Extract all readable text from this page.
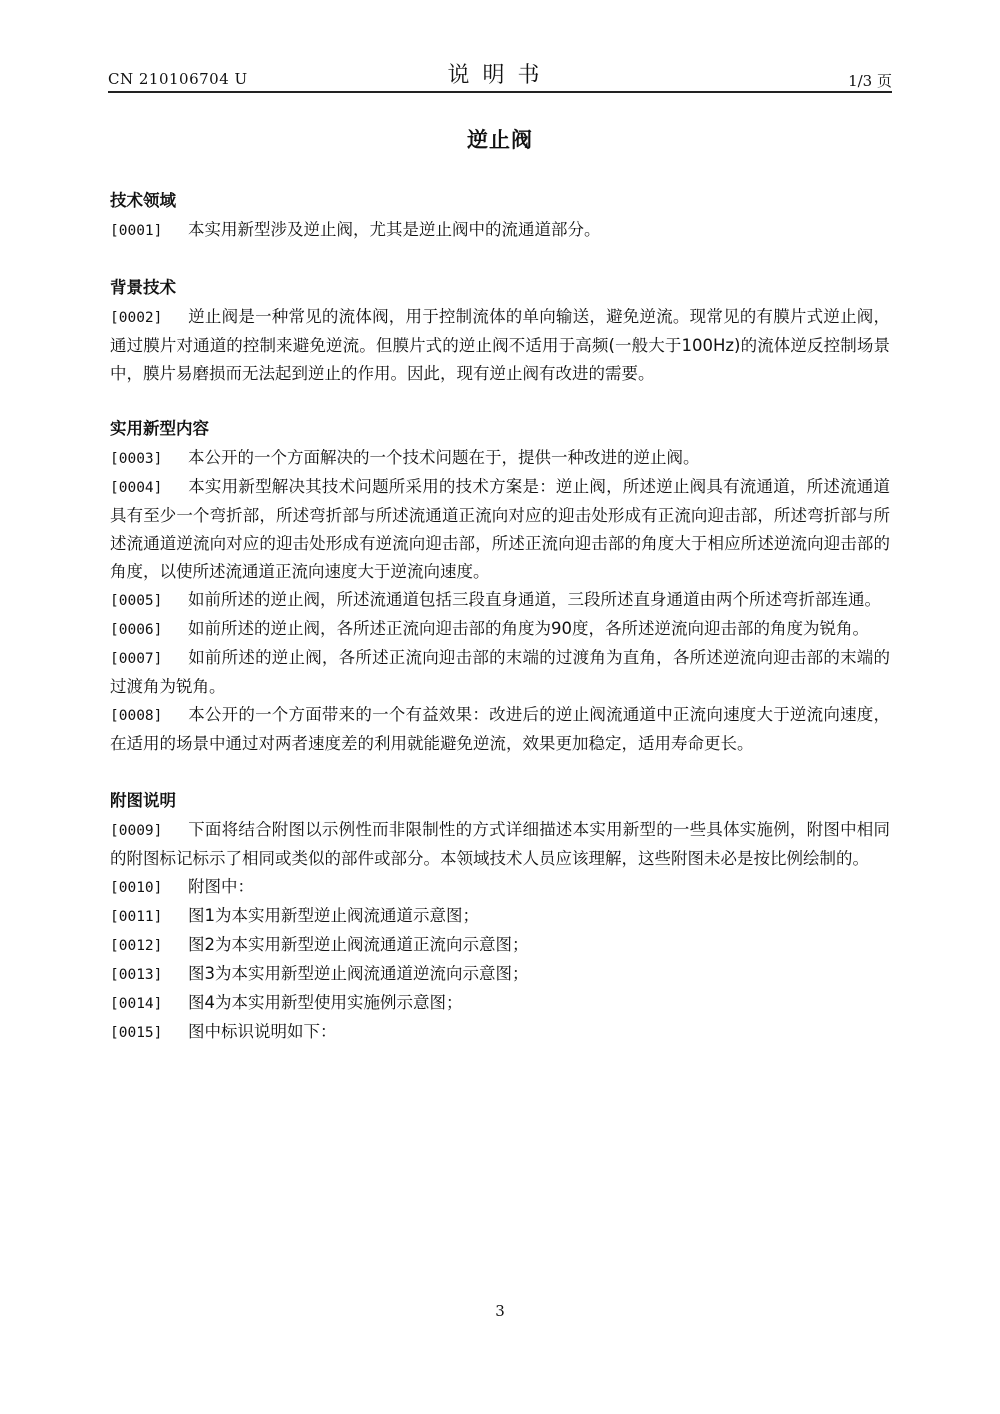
CN 210106704 U	说明书	1/3 页
逆止阀
技术领域
[0001] 本实用新型涉及逆止阀，尤其是逆止阀中的流通道部分。
背景技术
[0002] 逆止阀是一种常见的流体阀，用于控制流体的单向输送，避免逆流。现常见的有膜片式逆止阀，通过膜片对通道的控制来避免逆流。但膜片式的逆止阀不适用于高频(一般大于100Hz)的流体逆反控制场景中，膜片易磨损而无法起到逆止的作用。因此，现有逆止阀有改进的需要。
实用新型内容
[0003] 本公开的一个方面解决的一个技术问题在于，提供一种改进的逆止阀。
[0004] 本实用新型解决其技术问题所采用的技术方案是：逆止阀，所述逆止阀具有流通道，所述流通道具有至少一个弯折部，所述弯折部与所述流通道正流向对应的迎击处形成有正流向迎击部，所述弯折部与所述流通道逆流向对应的迎击处形成有逆流向迎击部，所述正流向迎击部的角度大于相应所述逆流向迎击部的角度，以使所述流通道正流向速度大于逆流向速度。
[0005] 如前所述的逆止阀，所述流通道包括三段直身通道，三段所述直身通道由两个所述弯折部连通。
[0006] 如前所述的逆止阀，各所述正流向迎击部的角度为90度，各所述逆流向迎击部的角度为锐角。
[0007] 如前所述的逆止阀，各所述正流向迎击部的末端的过渡角为直角，各所述逆流向迎击部的末端的过渡角为锐角。
[0008] 本公开的一个方面带来的一个有益效果：改进后的逆止阀流通道中正流向速度大于逆流向速度，在适用的场景中通过对两者速度差的利用就能避免逆流，效果更加稳定，适用寿命更长。
附图说明
[0009] 下面将结合附图以示例性而非限制性的方式详细描述本实用新型的一些具体实施例，附图中相同的附图标记标示了相同或类似的部件或部分。本领域技术人员应该理解，这些附图未必是按比例绘制的。
[0010] 附图中：
[0011] 图1为本实用新型逆止阀流通道示意图；
[0012] 图2为本实用新型逆止阀流通道正流向示意图；
[0013] 图3为本实用新型逆止阀流通道逆流向示意图；
[0014] 图4为本实用新型使用实施例示意图；
[0015] 图中标识说明如下：
3
